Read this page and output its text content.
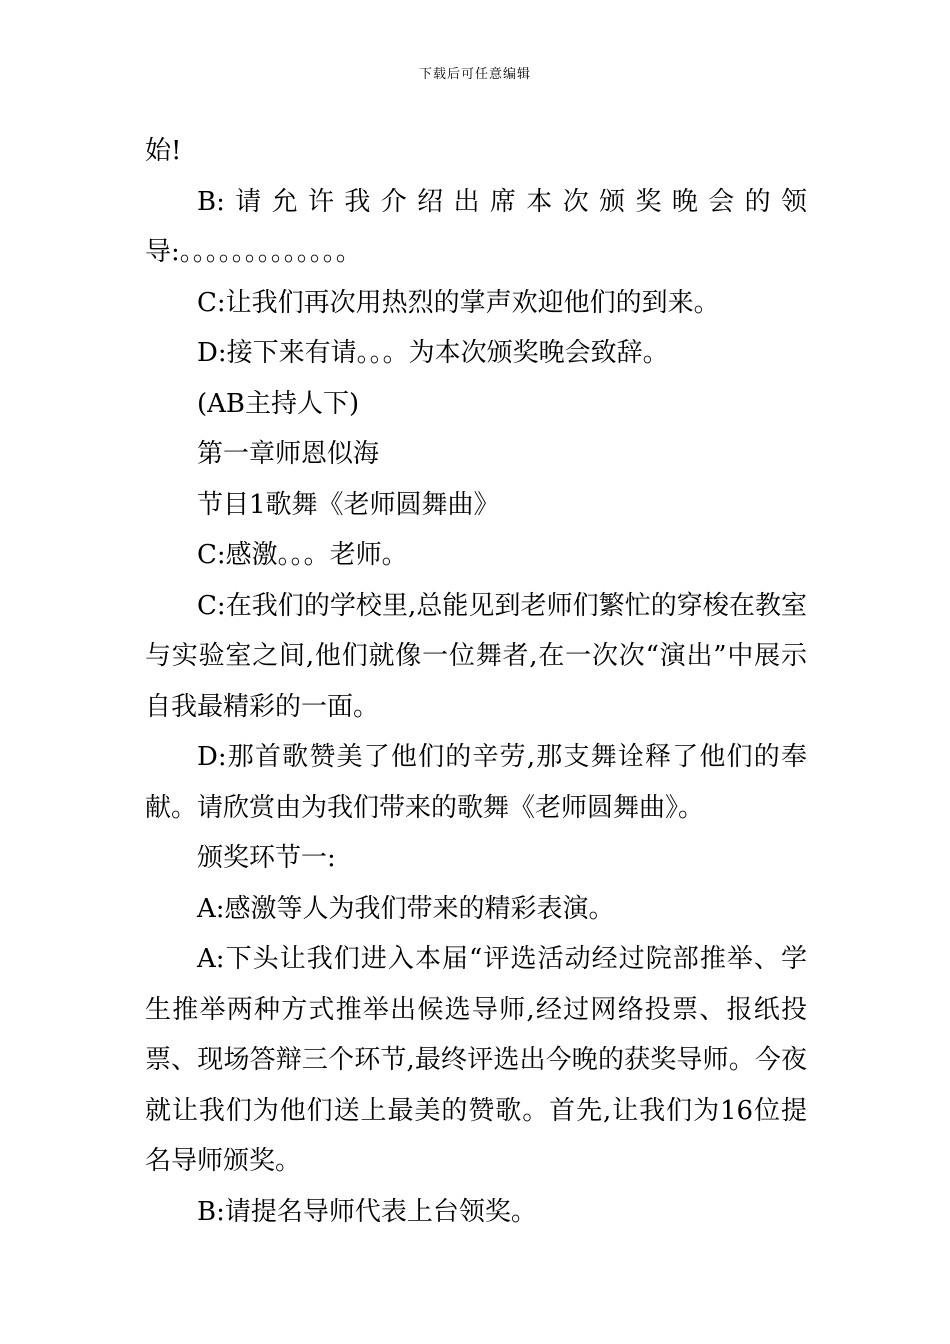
下载后可任意编辑

始!

B:请允许我介绍出席本次颁奖晚会的领导:。。。。。。。。。。。。。

C:让我们再次用热烈的掌声欢迎他们的到来。

D:接下来有请。。。为本次颁奖晚会致辞。

(AB主持人下)

第一章师恩似海

节目1歌舞《老师圆舞曲》

C:感激。。。老师。

C:在我们的学校里,总能见到老师们繁忙的穿梭在教室与实验室之间,他们就像一位舞者,在一次次“演出”中展示自我最精彩的一面。

D:那首歌赞美了他们的辛劳,那支舞诠释了他们的奉献。请欣赏由为我们带来的歌舞《老师圆舞曲》。

颁奖环节一:

A:感激等人为我们带来的精彩表演。

A:下头让我们进入本届“评选活动经过院部推举、学生推举两种方式推举出候选导师,经过网络投票、报纸投票、现场答辩三个环节,最终评选出今晚的获奖导师。今夜就让我们为他们送上最美的赞歌。首先,让我们为16位提名导师颁奖。

B:请提名导师代表上台领奖。
